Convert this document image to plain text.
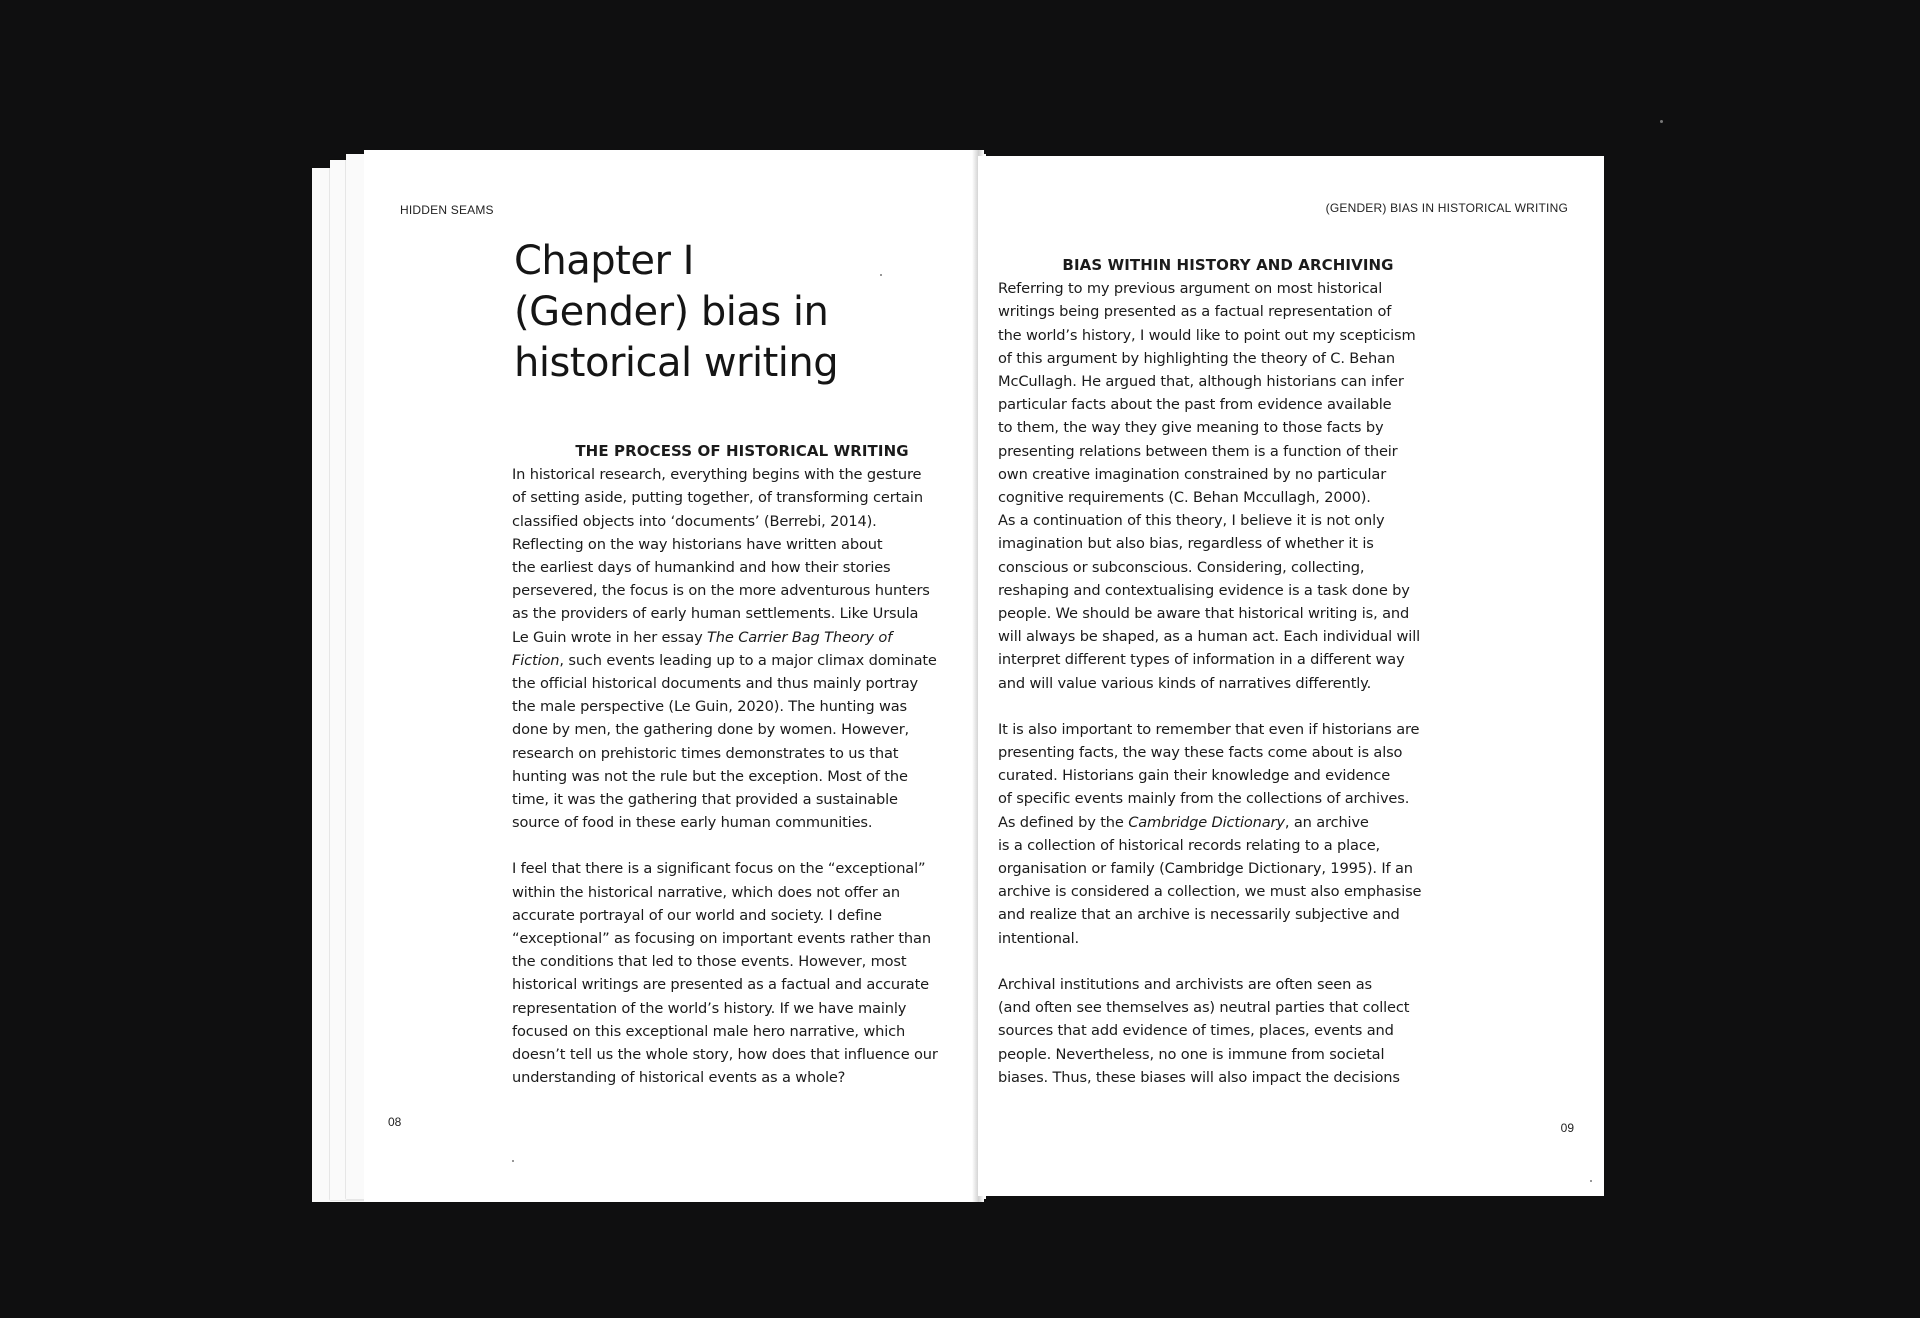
HIDDEN SEAMS
Chapter I
(Gender) bias in
historical writing
THE PROCESS OF HISTORICAL WRITING

In historical research, everything begins with the gesture
of setting aside, putting together, of transforming certain
classified objects into ‘documents’ (Berrebi, 2014).
Reflecting on the way historians have written about
the earliest days of humankind and how their stories
persevered, the focus is on the more adventurous hunters
as the providers of early human settlements. Like Ursula
Le Guin wrote in her essay The Carrier Bag Theory of
Fiction, such events leading up to a major climax dominate
the official historical documents and thus mainly portray
the male perspective (Le Guin, 2020). The hunting was
done by men, the gathering done by women. However,
research on prehistoric times demonstrates to us that
hunting was not the rule but the exception. Most of the
time, it was the gathering that provided a sustainable
source of food in these early human communities.

I feel that there is a significant focus on the “exceptional”
within the historical narrative, which does not offer an
accurate portrayal of our world and society. I define
“exceptional” as focusing on important events rather than
the conditions that led to those events. However, most
historical writings are presented as a factual and accurate
representation of the world’s history. If we have mainly
focused on this exceptional male hero narrative, which
doesn’t tell us the whole story, how does that influence our
understanding of historical events as a whole?

08
(GENDER) BIAS IN HISTORICAL WRITING
BIAS WITHIN HISTORY AND ARCHIVING

Referring to my previous argument on most historical
writings being presented as a factual representation of
the world’s history, I would like to point out my scepticism
of this argument by highlighting the theory of C. Behan
McCullagh. He argued that, although historians can infer
particular facts about the past from evidence available
to them, the way they give meaning to those facts by
presenting relations between them is a function of their
own creative imagination constrained by no particular
cognitive requirements (C. Behan Mccullagh, 2000).
As a continuation of this theory, I believe it is not only
imagination but also bias, regardless of whether it is
conscious or subconscious. Considering, collecting,
reshaping and contextualising evidence is a task done by
people. We should be aware that historical writing is, and
will always be shaped, as a human act. Each individual will
interpret different types of information in a different way
and will value various kinds of narratives differently.

It is also important to remember that even if historians are
presenting facts, the way these facts come about is also
curated. Historians gain their knowledge and evidence
of specific events mainly from the collections of archives.
As defined by the Cambridge Dictionary, an archive
is a collection of historical records relating to a place,
organisation or family (Cambridge Dictionary, 1995). If an
archive is considered a collection, we must also emphasise
and realize that an archive is necessarily subjective and
intentional.

Archival institutions and archivists are often seen as
(and often see themselves as) neutral parties that collect
sources that add evidence of times, places, events and
people. Nevertheless, no one is immune from societal
biases. Thus, these biases will also impact the decisions

09
